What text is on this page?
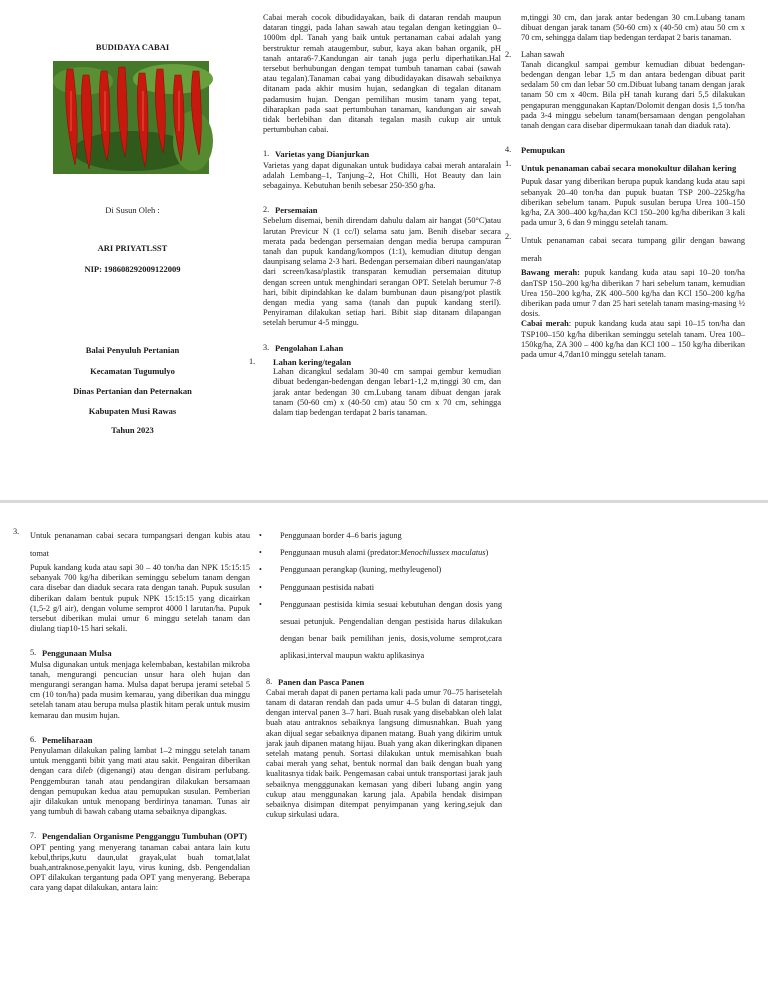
BUDIDAYA CABAI
Di Susun Oleh :
ARI PRIYATLSST
NIP: 198608292009122009
Balai Penyuluh Pertanian
Kecamatan Tugumulyo
Dinas Pertanian dan Peternakan
Kabupaten Musi Rawas
Tahun 2023

Cabai merah cocok dibudidayakan, baik di dataran rendah maupun dataran tinggi, pada lahan sawah atau tegalan dengan ketinggian 0–1000m dpl. Tanah yang baik untuk pertanaman cabai adalah yang berstruktur remah ataugembur, subur, kaya akan bahan organik, pH tanah antara6-7.Kandungan air tanah juga perlu diperhatikan.Hal tersebut berhubungan dengan tempat tumbuh tanaman cabai (sawah atau tegalan).Tanaman cabai yang dibudidayakan disawah sebaiknya ditanam pada akhir musim hujan, sedangkan di tegalan ditanam padamusim hujan. Dengan pemilihan musim tanam yang tepat, diharapkan pada saat pertumbuhan tanaman, kandungan air sawah tidak berlebihan dan ditanah tegalan masih cukup air untuk pertumbuhan cabai.

1. Varietas yang Dianjurkan

Varietas yang dapat digunakan untuk budidaya cabai merah antaralain adalah Lembang–1, Tanjung–2, Hot Chilli, Hot Beauty dan lain sebagainya. Kebutuhan benih sebesar 250-350 g/ha.

2. Persemaian

Sebelum disemai, benih direndam dahulu dalam air hangat (50°C)atau larutan Previcur N (1 cc/l) selama satu jam. Benih disebar secara merata pada bedengan persemaian dengan media berupa campuran tanah dan pupuk kandang/kompos (1:1), kemudian ditutup dengan daunpisang selama 2-3 hari. Bedengan persemaian diberi naungan/atap dari screen/kasa/plastik transparan kemudian persemaian ditutup dengan screen untuk menghindari serangan OPT. Setelah berumur 7-8 hari, bibit dipindahkan ke dalam bumbunan daun pisang/pot plastik dengan media yang sama (tanah dan pupuk kandang steril). Penyiraman dilakukan setiap hari. Bibit siap ditanam dilapangan setelah berumur 4-5 minggu.

3. Pengolahan Lahan
1. Lahan kering/tegalan

Lahan dicangkul sedalam 30-40 cm sampai gembur kemudian dibuat bedengan-bedengan dengan lebar1-1,2 m,tinggi 30 cm, dan jarak antar bedengan 30 cm.Lubang tanam dibuat dengan jarak tanam (50-60 cm) x (40-50 cm) atau 50 cm x 70 cm, sehingga dalam tiap bedengan terdapat 2 baris tanaman.

m,tinggi 30 cm, dan jarak antar bedengan 30 cm.Lubang tanam dibuat dengan jarak tanam (50-60 cm) x (40-50 cm) atau 50 cm x 70 cm, sehingga dalam tiap bedengan terdapat 2 baris tanaman.

2. Lahan sawah

Tanah dicangkul sampai gembur kemudian dibuat bedengan-bedengan dengan lebar 1,5 m dan antara bedengan dibuat parit sedalam 50 cm dan lebar 50 cm.Dibuat lubang tanam dengan jarak tanam 50 cm x 40cm. Bila pH tanah kurang dari 5,5 dilakukan pengapuran menggunakan Kaptan/Dolomit dengan dosis 1,5 ton/ha pada 3-4 minggu sebelum tanam(bersamaan dengan pengolahan tanah dengan cara disebar dipermukaan tanah dan diaduk rata).

4. Pemupukan
1. Untuk penanaman cabai secara monokultur dilahan kering

Pupuk dasar yang diberikan berupa pupuk kandang kuda atau sapi sebanyak 20–40 ton/ha dan pupuk buatan TSP 200–225kg/ha diberikan sebelum tanam. Pupuk susulan berupa Urea 100–150 kg/ha, ZA 300–400 kg/ha,dan KCl 150–200 kg/ha diberikan 3 kali pada umur 3, 6 dan 9 minggu setelah tanam.

2. Untuk penanaman cabai secara tumpang gilir dengan bawang merah

Bawang merah: pupuk kandang kuda atau sapi 10–20 ton/ha danTSP 150–200 kg/ha diberikan 7 hari sebelum tanam, kemudian Urea 150–200 kg/ha, ZK 400–500 kg/ha dan KCl 150–200 kg/ha diberikan pada umur 7 dan 25 hari setelah tanam masing-masing ½ dosis.

Cabai merah: pupuk kandang kuda atau sapi 10–15 ton/ha dan TSP100–150 kg/ha diberikan seminggu setelah tanam. Urea 100–150kg/ha, ZA 300 – 400 kg/ha dan KCl 100 – 150 kg/ha diberikan pada umur 4,7dan10 minggu setelah tanam.

3. Untuk penanaman cabai secara tumpangsari dengan kubis atau tomat

Pupuk kandang kuda atau sapi 30 – 40 ton/ha dan NPK 15:15:15 sebanyak 700 kg/ha diberikan seminggu sebelum tanam dengan cara disebar dan diaduk secara rata dengan tanah. Pupuk susulan diberikan dalam bentuk pupuk NPK 15:15:15 yang dicairkan (1,5-2 g/l air), dengan volume semprot 4000 l larutan/ha. Pupuk tersebut diberikan mulai umur 6 minggu setelah tanam dan diulang tiap10-15 hari sekali.

5. Penggunaan Mulsa

Mulsa digunakan untuk menjaga kelembaban, kestabilan mikroba tanah, mengurangi pencucian unsur hara oleh hujan dan mengurangi serangan hama. Mulsa dapat berupa jerami setebal 5 cm (10 ton/ha) pada musim kemarau, yang diberikan dua minggu setelah tanam atau berupa mulsa plastik hitam perak untuk musim kemarau dan musim hujan.

6. Pemeliharaan

Penyulaman dilakukan paling lambat 1–2 minggu setelah tanam untuk mengganti bibit yang mati atau sakit. Pengairan diberikan dengan cara dileb (digenangi) atau dengan disiram perlubang. Penggemburan tanah atau pendangiran dilakukan bersamaan dengan pemupukan kedua atau pemupukan susulan. Pemberian ajir dilakukan untuk menopang berdirinya tanaman. Tunas air yang tumbuh di bawah cabang utama sebaiknya dipangkas.

7. Pengendalian Organisme Pengganggu Tumbuhan (OPT)

OPT penting yang menyerang tanaman cabai antara lain kutu kebul,thrips,kutu daun,ulat grayak,ulat buah tomat,lalat buah,antraknose,penyakit layu, virus kuning, dsb. Pengendalian OPT dilakukan tergantung pada OPT yang menyerang. Beberapa cara yang dapat dilakukan, antara lain:

• Penggunaan border 4–6 baris jagung
• Penggunaan musuh alami (predator:Menochilussex maculatus)
• Penggunaan perangkap (kuning, methyleugenol)
• Penggunaan pestisida nabati
• Penggunaan pestisida kimia sesuai kebutuhan dengan dosis yang sesuai petunjuk. Pengendalian dengan pestisida harus dilakukan dengan benar baik pemilihan jenis, dosis,volume semprot,cara aplikasi,interval maupun waktu aplikasinya
8. Panen dan Pasca Panen

Cabai merah dapat di panen pertama kali pada umur 70–75 harisetelah tanam di dataran rendah dan pada umur 4–5 bulan di dataran tinggi, dengan interval panen 3–7 hari. Buah rusak yang disebabkan oleh lalat buah atau antraknos sebaiknya langsung dimusnahkan. Buah yang akan dijual segar sebaiknya dipanen matang. Buah yang dikirim untuk jarak jauh dipanen matang hijau. Buah yang akan dikeringkan dipanen setelah matang penuh. Sortasi dilakukan untuk memisahkan buah cabai merah yang sehat, bentuk normal dan baik dengan buah yang kualitasnya tidak baik. Pengemasan cabai untuk transportasi jarak jauh sebaiknya mengggunakan kemasan yang diberi lubang angin yang cukup atau menggunakan karung jala. Apabila hendak disimpan sebaiknya disimpan ditempat penyimpanan yang kering,sejuk dan cukup sirkulasi udara.
